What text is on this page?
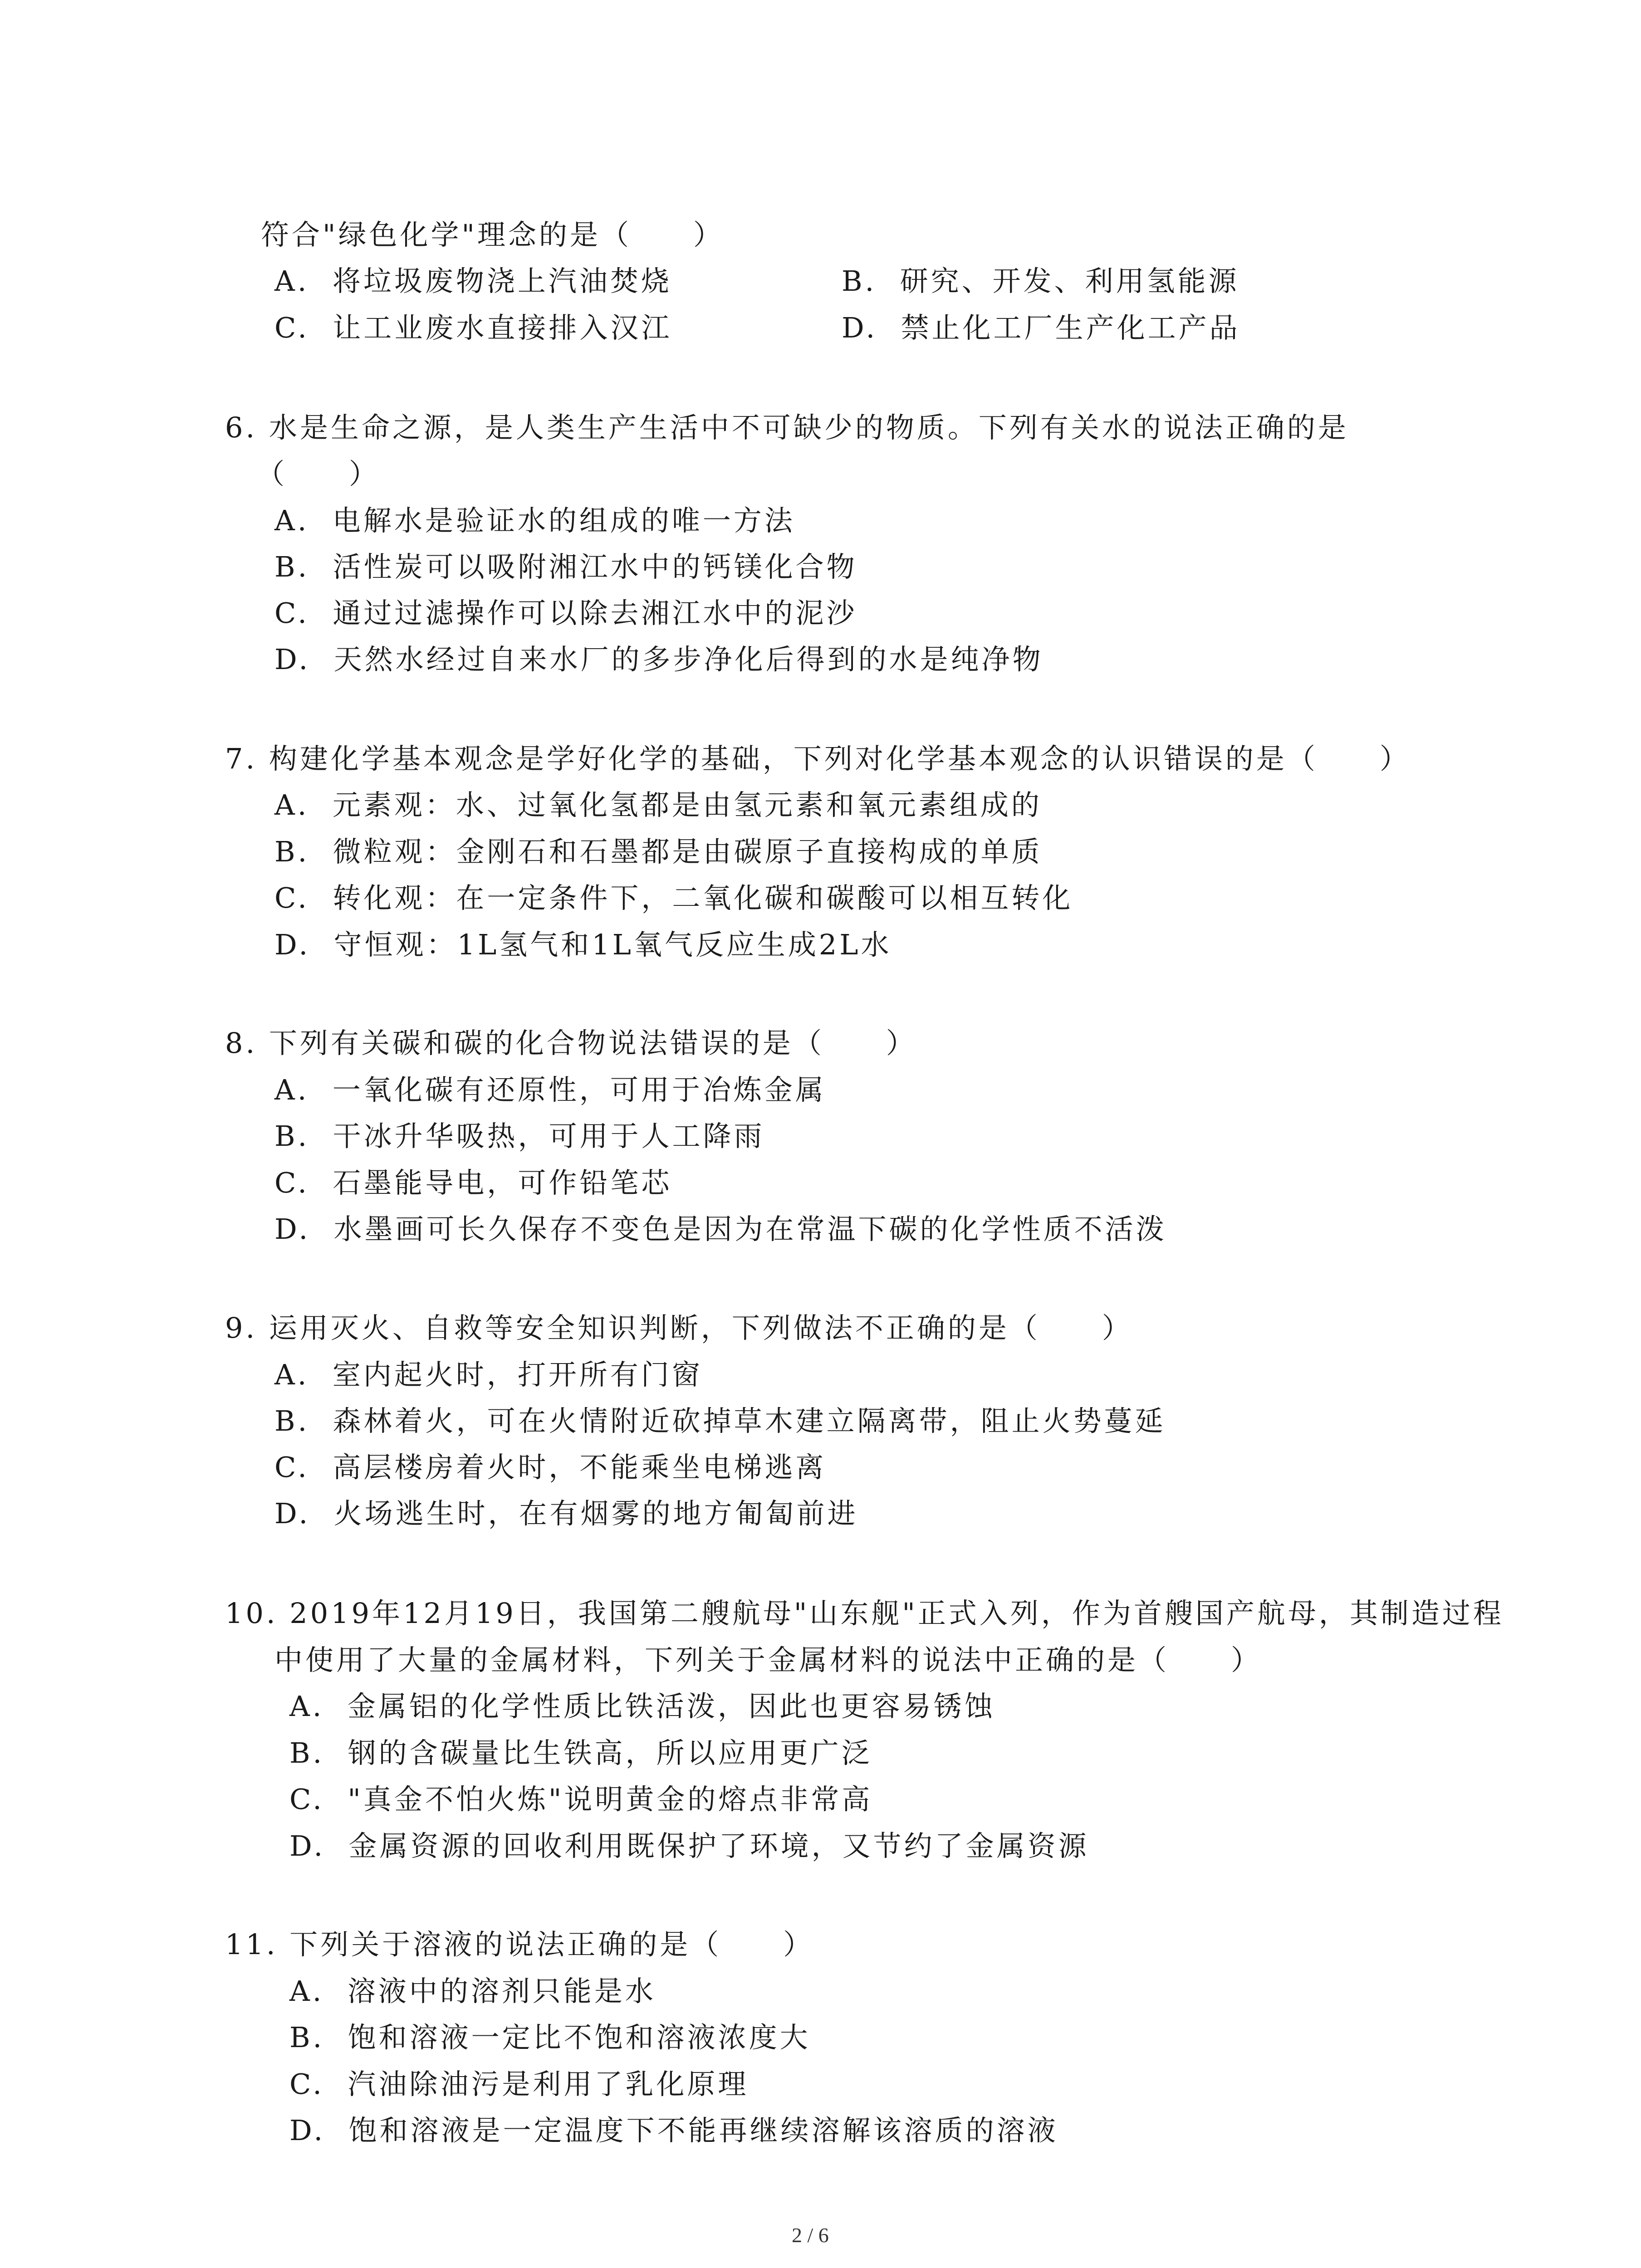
符合"绿色化学"理念的是（　　）
A.  将垃圾废物浇上汽油焚烧	B.  研究、开发、利用氢能源
C.  让工业废水直接排入汉江	D.  禁止化工厂生产化工产品
6. 水是生命之源，是人类生产生活中不可缺少的物质。下列有关水的说法正确的是
（　　）
A.  电解水是验证水的组成的唯一方法
B.  活性炭可以吸附湘江水中的钙镁化合物
C.  通过过滤操作可以除去湘江水中的泥沙
D.  天然水经过自来水厂的多步净化后得到的水是纯净物
7. 构建化学基本观念是学好化学的基础，下列对化学基本观念的认识错误的是（　　）
A.  元素观：水、过氧化氢都是由氢元素和氧元素组成的
B.  微粒观：金刚石和石墨都是由碳原子直接构成的单质
C.  转化观：在一定条件下，二氧化碳和碳酸可以相互转化
D.  守恒观：1L氢气和1L氧气反应生成2L水
8. 下列有关碳和碳的化合物说法错误的是（　　）
A.  一氧化碳有还原性，可用于冶炼金属
B.  干冰升华吸热，可用于人工降雨
C.  石墨能导电，可作铅笔芯
D.  水墨画可长久保存不变色是因为在常温下碳的化学性质不活泼
9. 运用灭火、自救等安全知识判断，下列做法不正确的是（　　）
A.  室内起火时，打开所有门窗
B.  森林着火，可在火情附近砍掉草木建立隔离带，阻止火势蔓延
C.  高层楼房着火时，不能乘坐电梯逃离
D.  火场逃生时，在有烟雾的地方匍匐前进
10. 2019年12月19日，我国第二艘航母"山东舰"正式入列，作为首艘国产航母，其制造过程
中使用了大量的金属材料，下列关于金属材料的说法中正确的是（　　）
A.  金属铝的化学性质比铁活泼，因此也更容易锈蚀
B.  钢的含碳量比生铁高，所以应用更广泛
C.  "真金不怕火炼"说明黄金的熔点非常高
D.  金属资源的回收利用既保护了环境，又节约了金属资源
11. 下列关于溶液的说法正确的是（　　）
A.  溶液中的溶剂只能是水
B.  饱和溶液一定比不饱和溶液浓度大
C.  汽油除油污是利用了乳化原理
D.  饱和溶液是一定温度下不能再继续溶解该溶质的溶液
2 / 6
